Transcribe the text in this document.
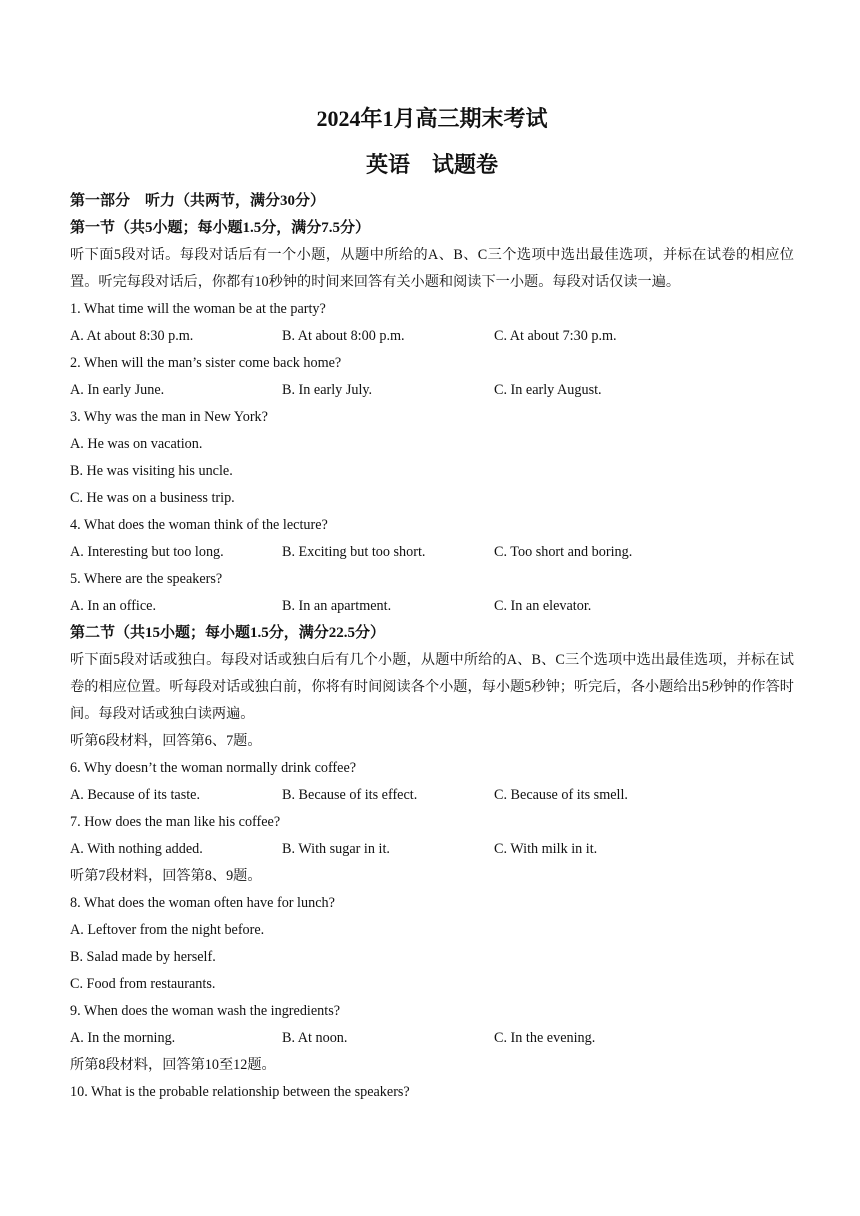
2024年1月高三期末考试
英语　试题卷
第一部分　听力（共两节，满分30分）
第一节（共5小题；每小题1.5分，满分7.5分）
听下面5段对话。每段对话后有一个小题，从题中所给的A、B、C三个选项中选出最佳选项，并标在试卷的相应位置。听完每段对话后，你都有10秒钟的时间来回答有关小题和阅读下一小题。每段对话仅读一遍。
1. What time will the woman be at the party?
A. At about 8:30 p.m.	B. At about 8:00 p.m.	C. At about 7:30 p.m.
2. When will the man’s sister come back home?
A. In early June.	B. In early July.	C. In early August.
3. Why was the man in New York?
A. He was on vacation.
B. He was visiting his uncle.
C. He was on a business trip.
4. What does the woman think of the lecture?
A. Interesting but too long.	B. Exciting but too short.	C. Too short and boring.
5. Where are the speakers?
A. In an office.	B. In an apartment.	C. In an elevator.
第二节（共15小题；每小题1.5分，满分22.5分）
听下面5段对话或独白。每段对话或独白后有几个小题，从题中所给的A、B、C三个选项中选出最佳选项，并标在试卷的相应位置。听每段对话或独白前，你将有时间阅读各个小题，每小题5秒钟；听完后，各小题给出5秒钟的作答时间。每段对话或独白读两遍。
听第6段材料，回答第6、7题。
6. Why doesn’t the woman normally drink coffee?
A. Because of its taste.	B. Because of its effect.	C. Because of its smell.
7. How does the man like his coffee?
A. With nothing added.	B. With sugar in it.	C. With milk in it.
听第7段材料，回答第8、9题。
8. What does the woman often have for lunch?
A. Leftover from the night before.
B. Salad made by herself.
C. Food from restaurants.
9. When does the woman wash the ingredients?
A. In the morning.	B. At noon.	C. In the evening.
所第8段材料，回答第10至12题。
10. What is the probable relationship between the speakers?
